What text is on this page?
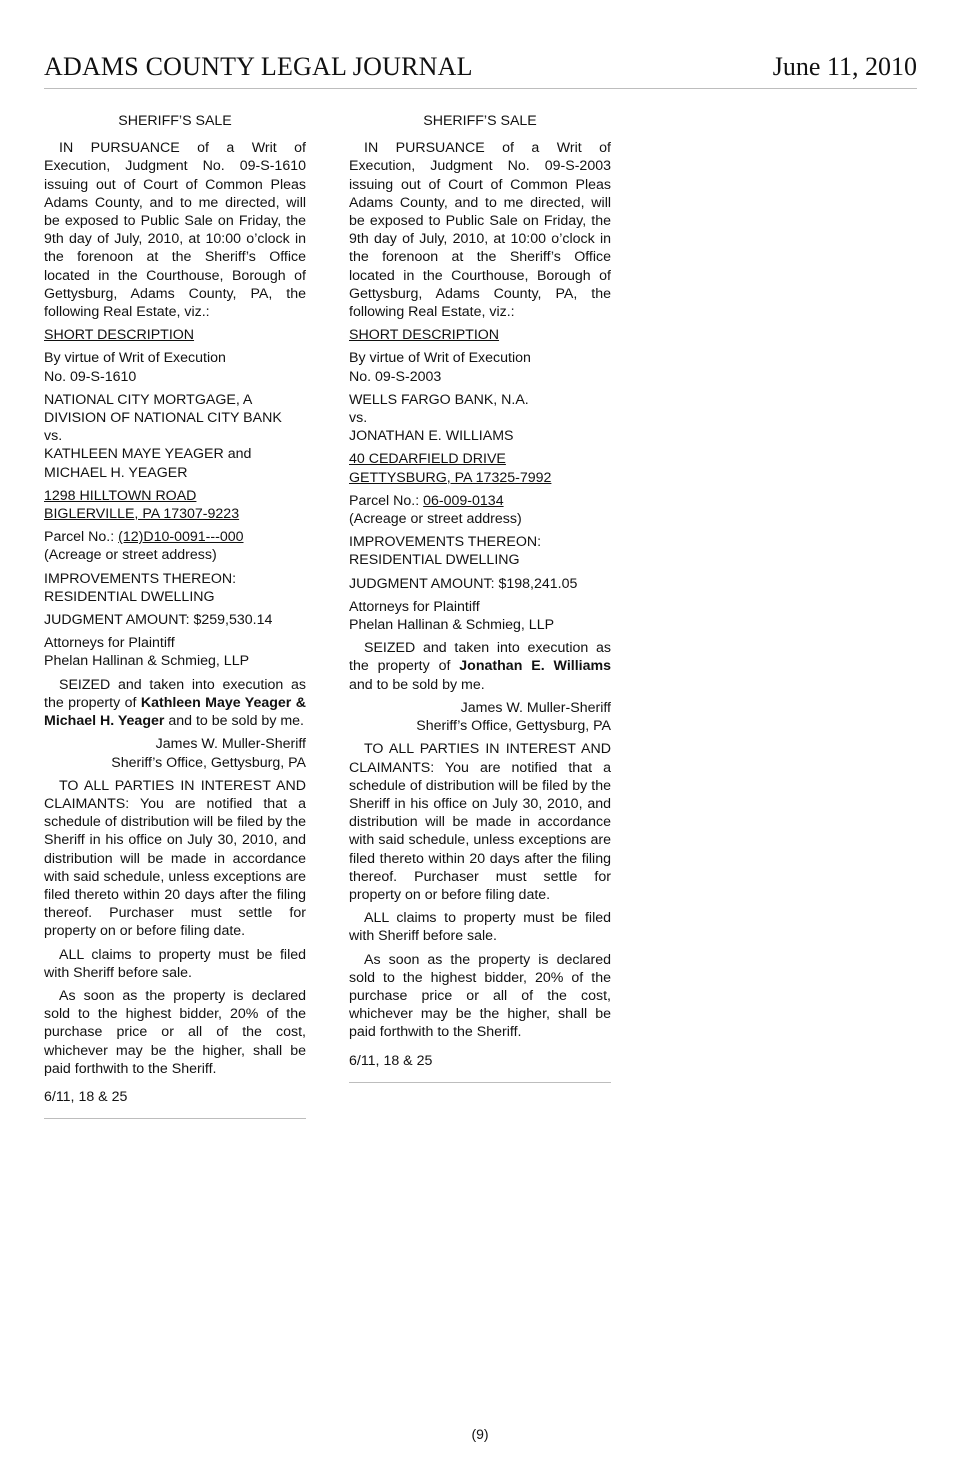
ADAMS COUNTY LEGAL JOURNAL	June 11, 2010
SHERIFF’S SALE
IN PURSUANCE of a Writ of Execution, Judgment No. 09-S-1610 issuing out of Court of Common Pleas Adams County, and to me directed, will be exposed to Public Sale on Friday, the 9th day of July, 2010, at 10:00 o’clock in the forenoon at the Sheriff’s Office located in the Courthouse, Borough of Gettysburg, Adams County, PA, the following Real Estate, viz.:
SHORT DESCRIPTION
By virtue of Writ of Execution
No. 09-S-1610
NATIONAL CITY MORTGAGE, A
DIVISION OF NATIONAL CITY BANK
vs.
KATHLEEN MAYE YEAGER and
MICHAEL H. YEAGER
1298 HILLTOWN ROAD
BIGLERVILLE, PA 17307-9223
Parcel No.: (12)D10-0091---000
(Acreage or street address)
IMPROVEMENTS THEREON:
RESIDENTIAL DWELLING
JUDGMENT AMOUNT: $259,530.14
Attorneys for Plaintiff
Phelan Hallinan & Schmieg, LLP
SEIZED and taken into execution as the property of Kathleen Maye Yeager & Michael H. Yeager and to be sold by me.
James W. Muller-Sheriff
Sheriff’s Office, Gettysburg, PA
TO ALL PARTIES IN INTEREST AND CLAIMANTS: You are notified that a schedule of distribution will be filed by the Sheriff in his office on July 30, 2010, and distribution will be made in accordance with said schedule, unless exceptions are filed thereto within 20 days after the filing thereof. Purchaser must settle for property on or before filing date.
ALL claims to property must be filed with Sheriff before sale.
As soon as the property is declared sold to the highest bidder, 20% of the purchase price or all of the cost, whichever may be the higher, shall be paid forthwith to the Sheriff.
6/11, 18 & 25
SHERIFF’S SALE
IN PURSUANCE of a Writ of Execution, Judgment No. 09-S-2003 issuing out of Court of Common Pleas Adams County, and to me directed, will be exposed to Public Sale on Friday, the 9th day of July, 2010, at 10:00 o’clock in the forenoon at the Sheriff’s Office located in the Courthouse, Borough of Gettysburg, Adams County, PA, the following Real Estate, viz.:
SHORT DESCRIPTION
By virtue of Writ of Execution
No. 09-S-2003
WELLS FARGO BANK, N.A.
vs.
JONATHAN E. WILLIAMS
40 CEDARFIELD DRIVE
GETTYSBURG, PA 17325-7992
Parcel No.: 06-009-0134
(Acreage or street address)
IMPROVEMENTS THEREON:
RESIDENTIAL DWELLING
JUDGMENT AMOUNT: $198,241.05
Attorneys for Plaintiff
Phelan Hallinan & Schmieg, LLP
SEIZED and taken into execution as the property of Jonathan E. Williams and to be sold by me.
James W. Muller-Sheriff
Sheriff’s Office, Gettysburg, PA
TO ALL PARTIES IN INTEREST AND CLAIMANTS: You are notified that a schedule of distribution will be filed by the Sheriff in his office on July 30, 2010, and distribution will be made in accordance with said schedule, unless exceptions are filed thereto within 20 days after the filing thereof. Purchaser must settle for property on or before filing date.
ALL claims to property must be filed with Sheriff before sale.
As soon as the property is declared sold to the highest bidder, 20% of the purchase price or all of the cost, whichever may be the higher, shall be paid forthwith to the Sheriff.
6/11, 18 & 25
(9)
